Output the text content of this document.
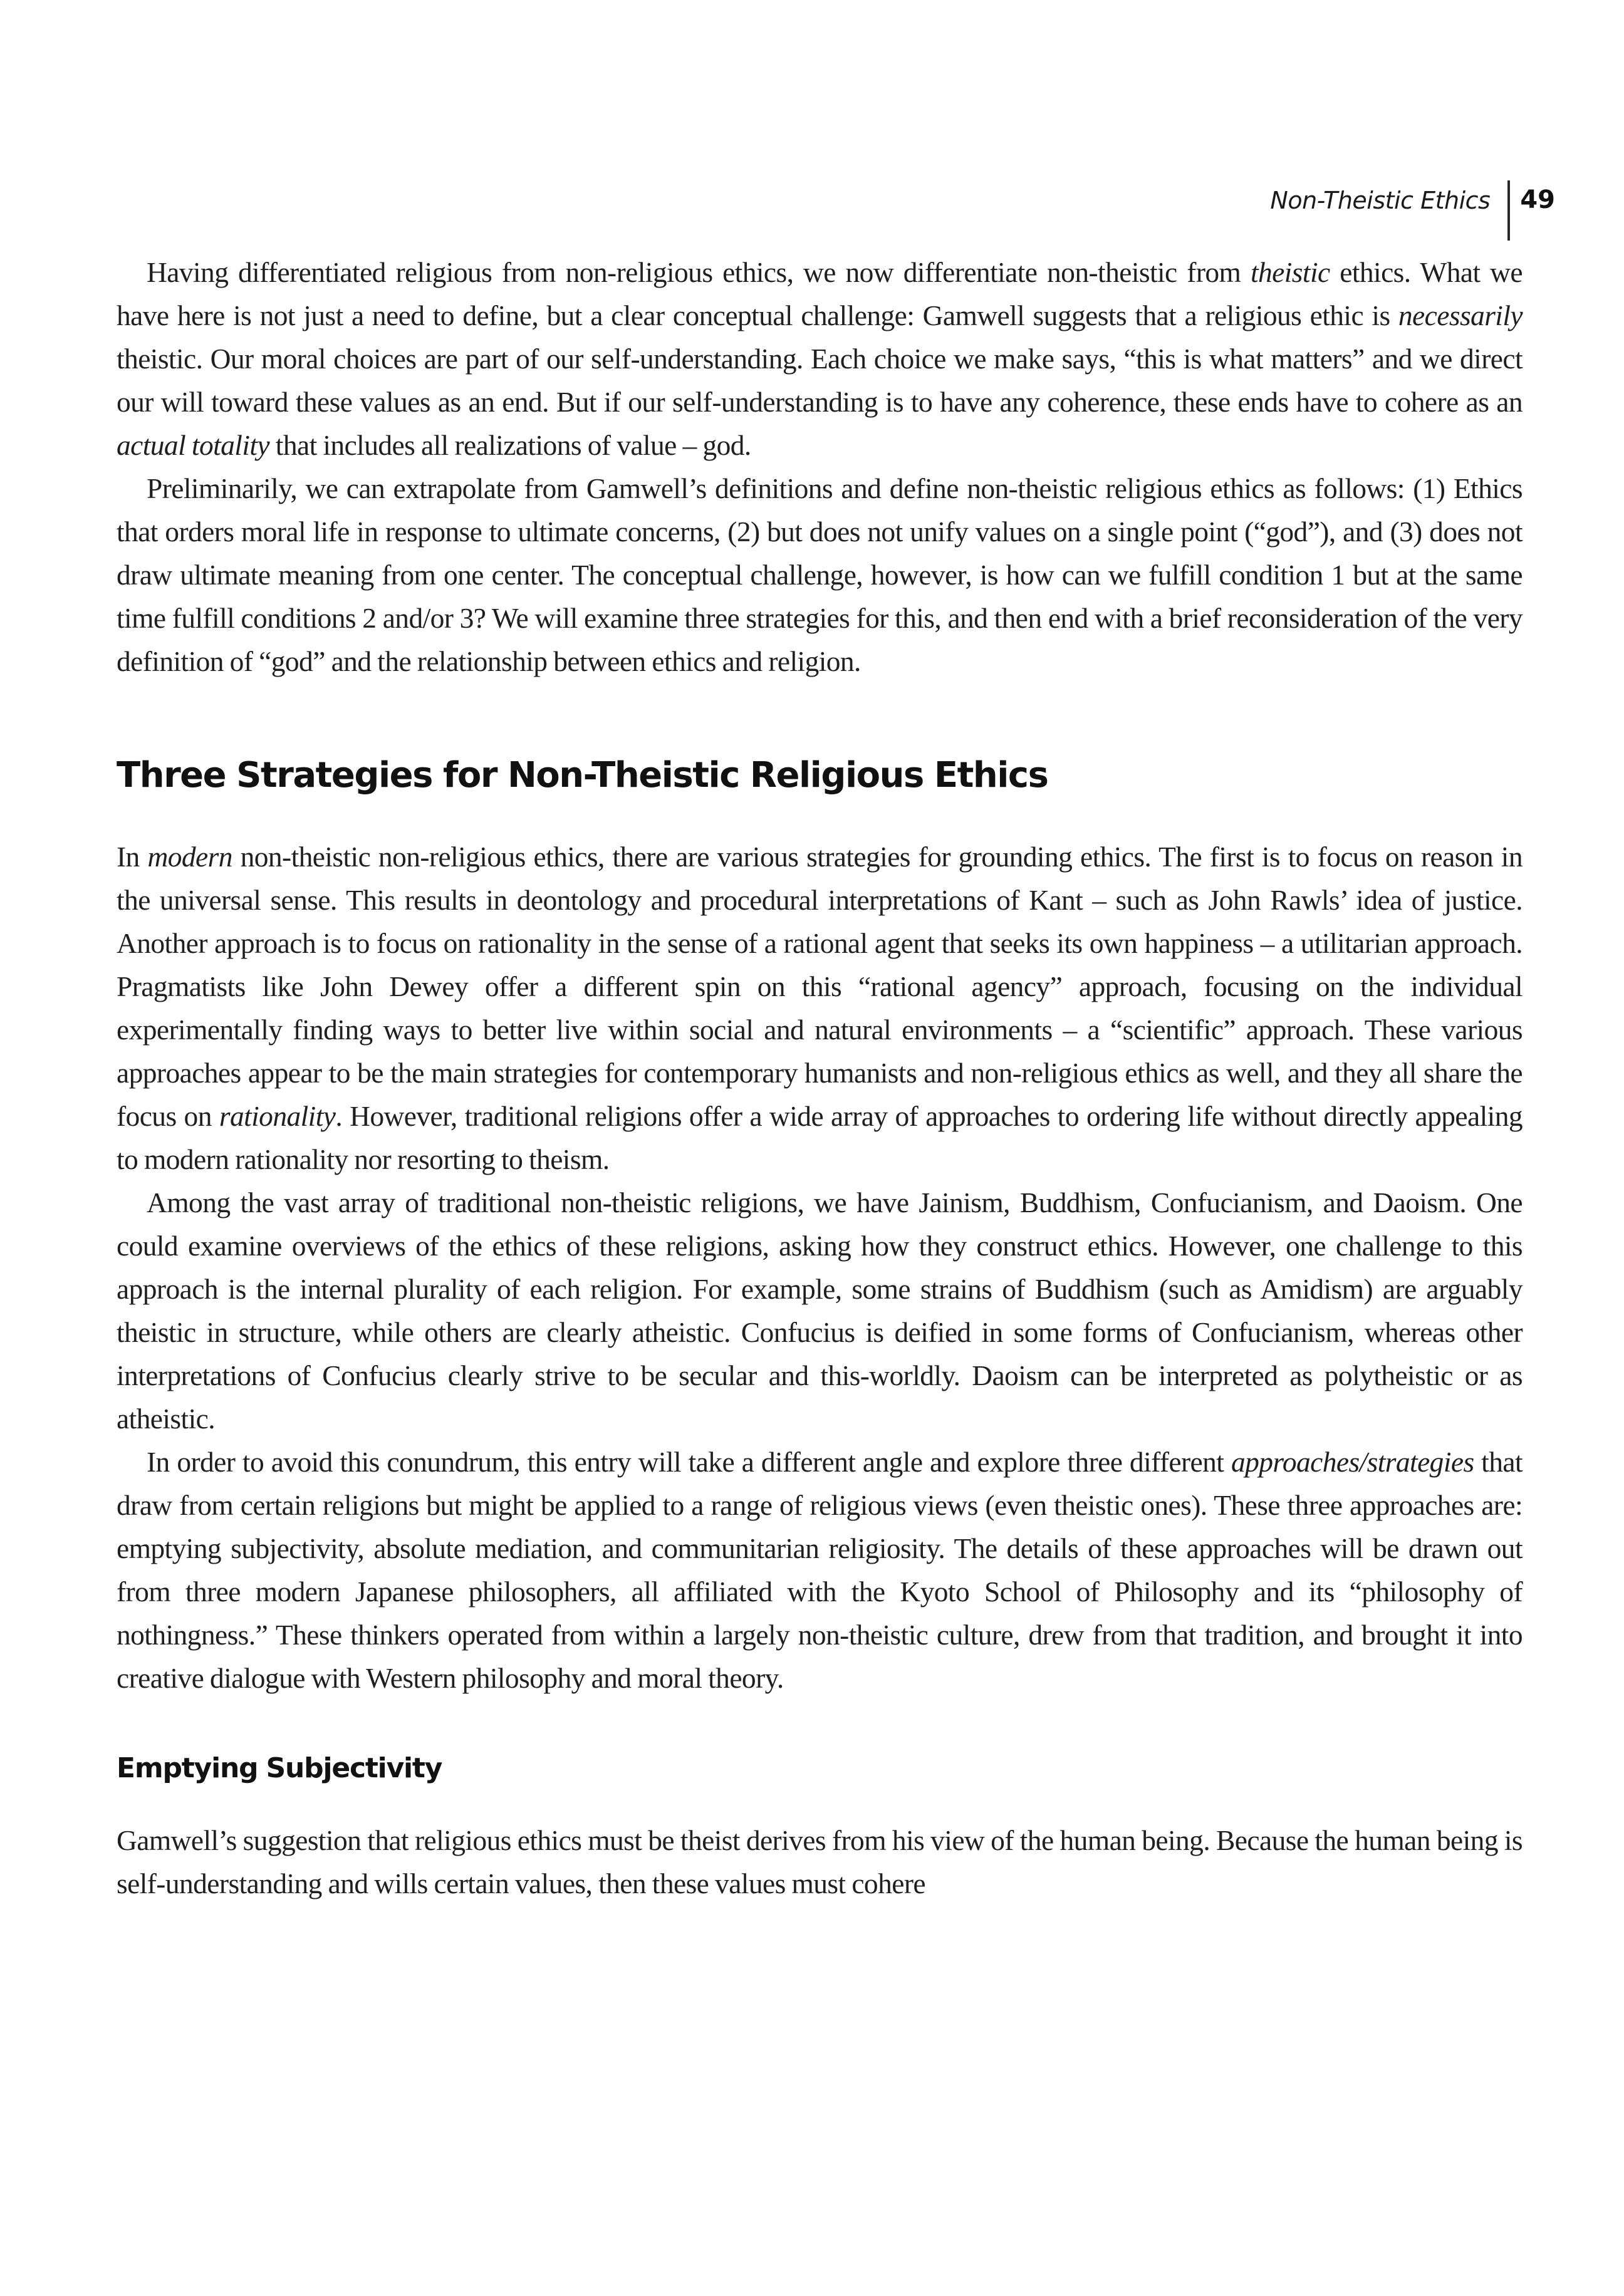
Non-Theistic Ethics 49

Having differentiated religious from non-religious ethics, we now differentiate non-theistic from theistic ethics. What we have here is not just a need to define, but a clear conceptual challenge: Gamwell suggests that a religious ethic is necessarily theistic. Our moral choices are part of our self-understanding. Each choice we make says, “this is what matters” and we direct our will toward these values as an end. But if our self-understanding is to have any coherence, these ends have to cohere as an actual totality that includes all realizations of value – god.

Preliminarily, we can extrapolate from Gamwell’s definitions and define non-theistic religious ethics as follows: (1) Ethics that orders moral life in response to ultimate concerns, (2) but does not unify values on a single point (“god”), and (3) does not draw ultimate meaning from one center. The conceptual challenge, however, is how can we fulfill condition 1 but at the same time fulfill conditions 2 and/or 3? We will examine three strategies for this, and then end with a brief reconsideration of the very definition of “god” and the relationship between ethics and religion.

Three Strategies for Non-Theistic Religious Ethics

In modern non-theistic non-religious ethics, there are various strategies for grounding ethics. The first is to focus on reason in the universal sense. This results in deontology and procedural interpretations of Kant – such as John Rawls’ idea of justice. Another approach is to focus on rationality in the sense of a rational agent that seeks its own happiness – a utilitarian approach. Pragmatists like John Dewey offer a different spin on this “rational agency” approach, focusing on the individual experimentally finding ways to better live within social and natural environments – a “scientific” approach. These various approaches appear to be the main strategies for contemporary humanists and non-religious ethics as well, and they all share the focus on rationality. However, traditional religions offer a wide array of approaches to ordering life without directly appealing to modern rationality nor resorting to theism.

Among the vast array of traditional non-theistic religions, we have Jainism, Buddhism, Confucianism, and Daoism. One could examine overviews of the ethics of these religions, asking how they construct ethics. However, one challenge to this approach is the internal plurality of each religion. For example, some strains of Buddhism (such as Amidism) are arguably theistic in structure, while others are clearly atheistic. Confucius is deified in some forms of Confucianism, whereas other interpretations of Confucius clearly strive to be secular and this-worldly. Daoism can be interpreted as polytheistic or as atheistic.

In order to avoid this conundrum, this entry will take a different angle and explore three different approaches/strategies that draw from certain religions but might be applied to a range of religious views (even theistic ones). These three approaches are: emptying subjectivity, absolute mediation, and communitarian religiosity. The details of these approaches will be drawn out from three modern Japanese philosophers, all affiliated with the Kyoto School of Philosophy and its “philosophy of nothingness.” These thinkers operated from within a largely non-theistic culture, drew from that tradition, and brought it into creative dialogue with Western philosophy and moral theory.

Emptying Subjectivity

Gamwell’s suggestion that religious ethics must be theist derives from his view of the human being. Because the human being is self-understanding and wills certain values, then these values must cohere
